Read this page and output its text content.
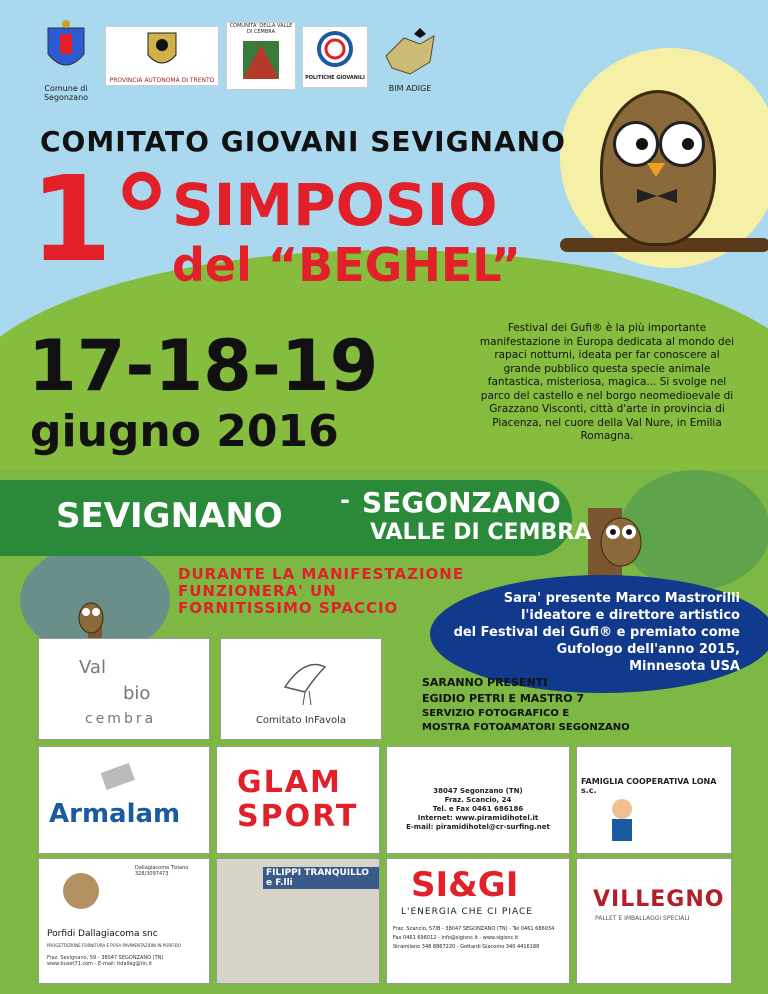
Comune di
Segonzano
PROVINCIA AUTONOMA DI TRENTO
COMUNITA' DELLA VALLE DI CEMBRA
POLITICHE GIOVANILI
BIM ADIGE
COMITATO GIOVANI SEVIGNANO
1° SIMPOSIO
del “BEGHEL”
17-18-19
giugno 2016
Festival dei Gufi® è la più importante manifestazione in Europa dedicata al mondo dei rapaci notturni, ideata per far conoscere al grande pubblico questa specie animale fantastica, misteriosa, magica... Si svolge nel parco del castello e nel borgo neomedioevale di Grazzano Visconti, città d'arte in provincia di Piacenza, nel cuore della Val Nure, in Emilia Romagna.
SEVIGNANO - SEGONZANO
VALLE DI CEMBRA
DURANTE LA MANIFESTAZIONE
FUNZIONERA' UN
FORNITISSIMO SPACCIO
Sara' presente Marco Mastrorilli
l'ideatore e direttore artistico
del Festival dei Gufi® e premiato come
Gufologo dell'anno 2015,
Minnesota USA
SARANNO PRESENTI
EGIDIO PETRI E MASTRO 7
SERVIZIO FOTOGRAFICO E
MOSTRA FOTOAMATORI SEGONZANO
Val
bio
cembra	Comitato InFavola
Armalam
GLAM
SPORT
38047 Segonzano (TN)
Fraz. Scancio, 24
Tel. e Fax 0461 686186
Internet: www.piramidihotel.it
E-mail: piramidihotel@cr-surfing.net
FAMIGLIA COOPERATIVA LONA s.c.
Dallagiacoma Tiziano
328/3097473
Porfidi Dallagiacoma snc
PROGETTAZIONE FORNITURA E POSA PAVIMENTAZIONI IN PORFIDO
Fraz. Sevignano, 59 - 38047 SEGONZANO (TN)
www.buset71.com - E-mail: tidallag@tin.it
FILIPPI TRANQUILLO e F.lli	SI&GI
L'ENERGIA CHE CI PIACE
Fraz. Scancio, 57/B - 38047 SEGONZANO (TN) - Tel 0461 686034
Fax 0461 696012 - info@sigisnc.it - www.sigisnc.it
Stramilano 348 8867220 - Gottardi Giacomo 340 4416188
VILLEGNO
PALLET E IMBALLAGGI SPECIALI
